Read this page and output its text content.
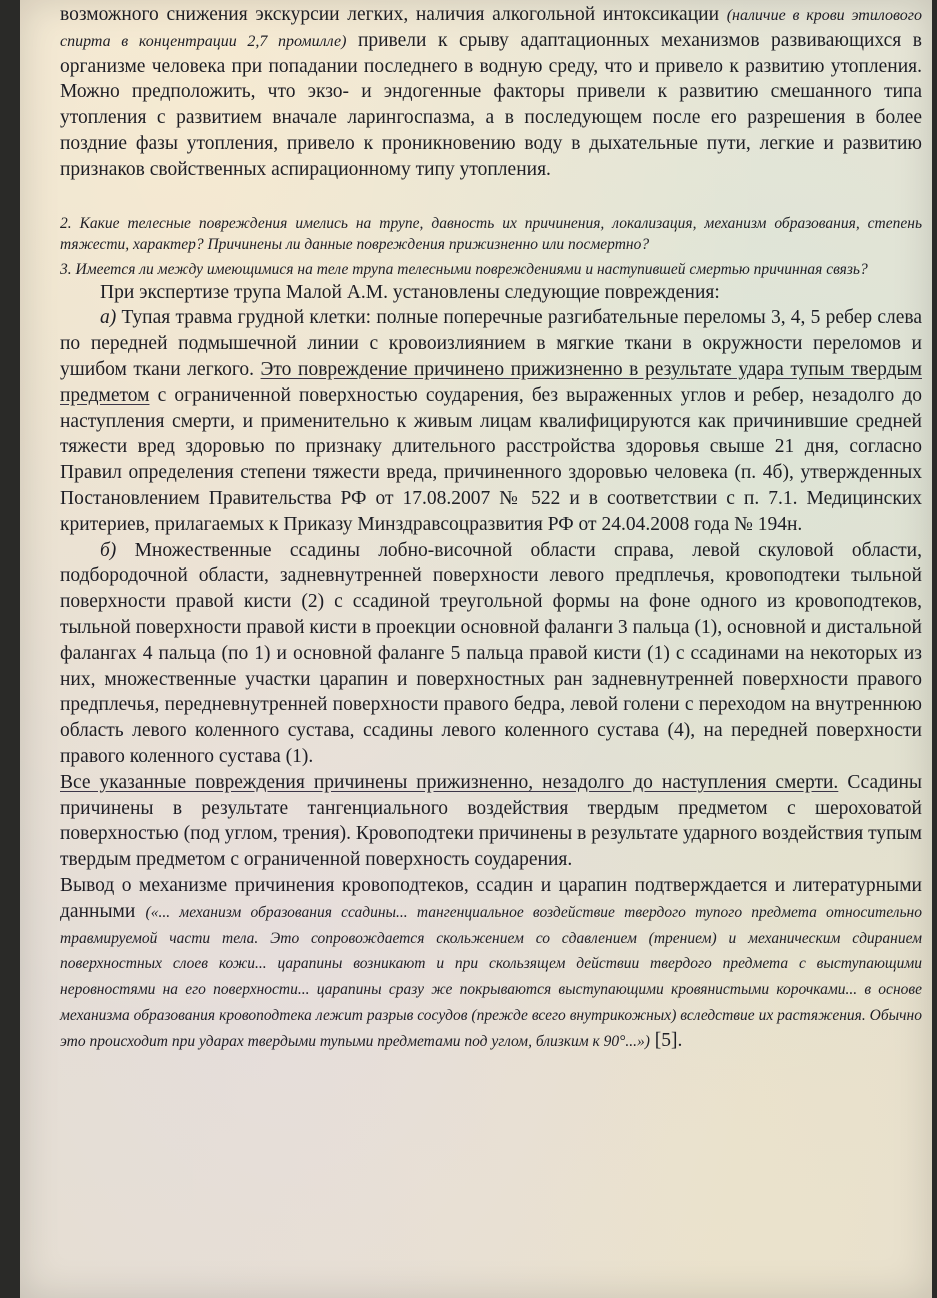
возможного снижения экскурсии легких, наличия алкогольной интоксикации (наличие в крови этилового спирта в концентрации 2,7 промилле) привели к срыву адаптационных механизмов развивающихся в организме человека при попадании последнего в водную среду, что и привело к развитию утопления. Можно предположить, что экзо- и эндогенные факторы привели к развитию смешанного типа утопления с развитием вначале ларингоспазма, а в последующем после его разрешения в более поздние фазы утопления, привело к проникновению воду в дыхательные пути, легкие и развитию признаков свойственных аспирационному типу утопления.

2. Какие телесные повреждения имелись на трупе, давность их причинения, локализация, механизм образования, степень тяжести, характер? Причинены ли данные повреждения прижизненно или посмертно?

3. Имеется ли между имеющимися на теле трупа телесными повреждениями и наступившей смертью причинная связь?

При экспертизе трупа Малой А.М. установлены следующие повреждения:

а) Тупая травма грудной клетки: полные поперечные разгибательные переломы 3, 4, 5 ребер слева по передней подмышечной линии с кровоизлиянием в мягкие ткани в окружности переломов и ушибом ткани легкого. Это повреждение причинено прижизненно в результате удара тупым твердым предметом с ограниченной поверхностью соударения, без выраженных углов и ребер, незадолго до наступления смерти, и применительно к живым лицам квалифицируются как причинившие средней тяжести вред здоровью по признаку длительного расстройства здоровья свыше 21 дня, согласно Правил определения степени тяжести вреда, причиненного здоровью человека (п. 4б), утвержденных Постановлением Правительства РФ от 17.08.2007 № 522 и в соответствии с п. 7.1. Медицинских критериев, прилагаемых к Приказу Минздравсоцразвития РФ от 24.04.2008 года № 194н.

б) Множественные ссадины лобно-височной области справа, левой скуловой области, подбородочной области, задневнутренней поверхности левого предплечья, кровоподтеки тыльной поверхности правой кисти (2) с ссадиной треугольной формы на фоне одного из кровоподтеков, тыльной поверхности правой кисти в проекции основной фаланги 3 пальца (1), основной и дистальной фалангах 4 пальца (по 1) и основной фаланге 5 пальца правой кисти (1) с ссадинами на некоторых из них, множественные участки царапин и поверхностных ран задневнутренней поверхности правого предплечья, передневнутренней поверхности правого бедра, левой голени с переходом на внутреннюю область левого коленного сустава, ссадины левого коленного сустава (4), на передней поверхности правого коленного сустава (1).

Все указанные повреждения причинены прижизненно, незадолго до наступления смерти. Ссадины причинены в результате тангенциального воздействия твердым предметом с шероховатой поверхностью (под углом, трения). Кровоподтеки причинены в результате ударного воздействия тупым твердым предметом с ограниченной поверхность соударения.

Вывод о механизме причинения кровоподтеков, ссадин и царапин подтверждается и литературными данными («... механизм образования ссадины... тангенциальное воздействие твердого тупого предмета относительно травмируемой части тела. Это сопровождается скольжением со сдавлением (трением) и механическим сдиранием поверхностных слоев кожи... царапины возникают и при скользящем действии твердого предмета с выступающими неровностями на его поверхности... царапины сразу же покрываются выступающими кровянистыми корочками... в основе механизма образования кровоподтека лежит разрыв сосудов (прежде всего внутрикожных) вследствие их растяжения. Обычно это происходит при ударах твердыми тупыми предметами под углом, близким к 90°...») [5].
